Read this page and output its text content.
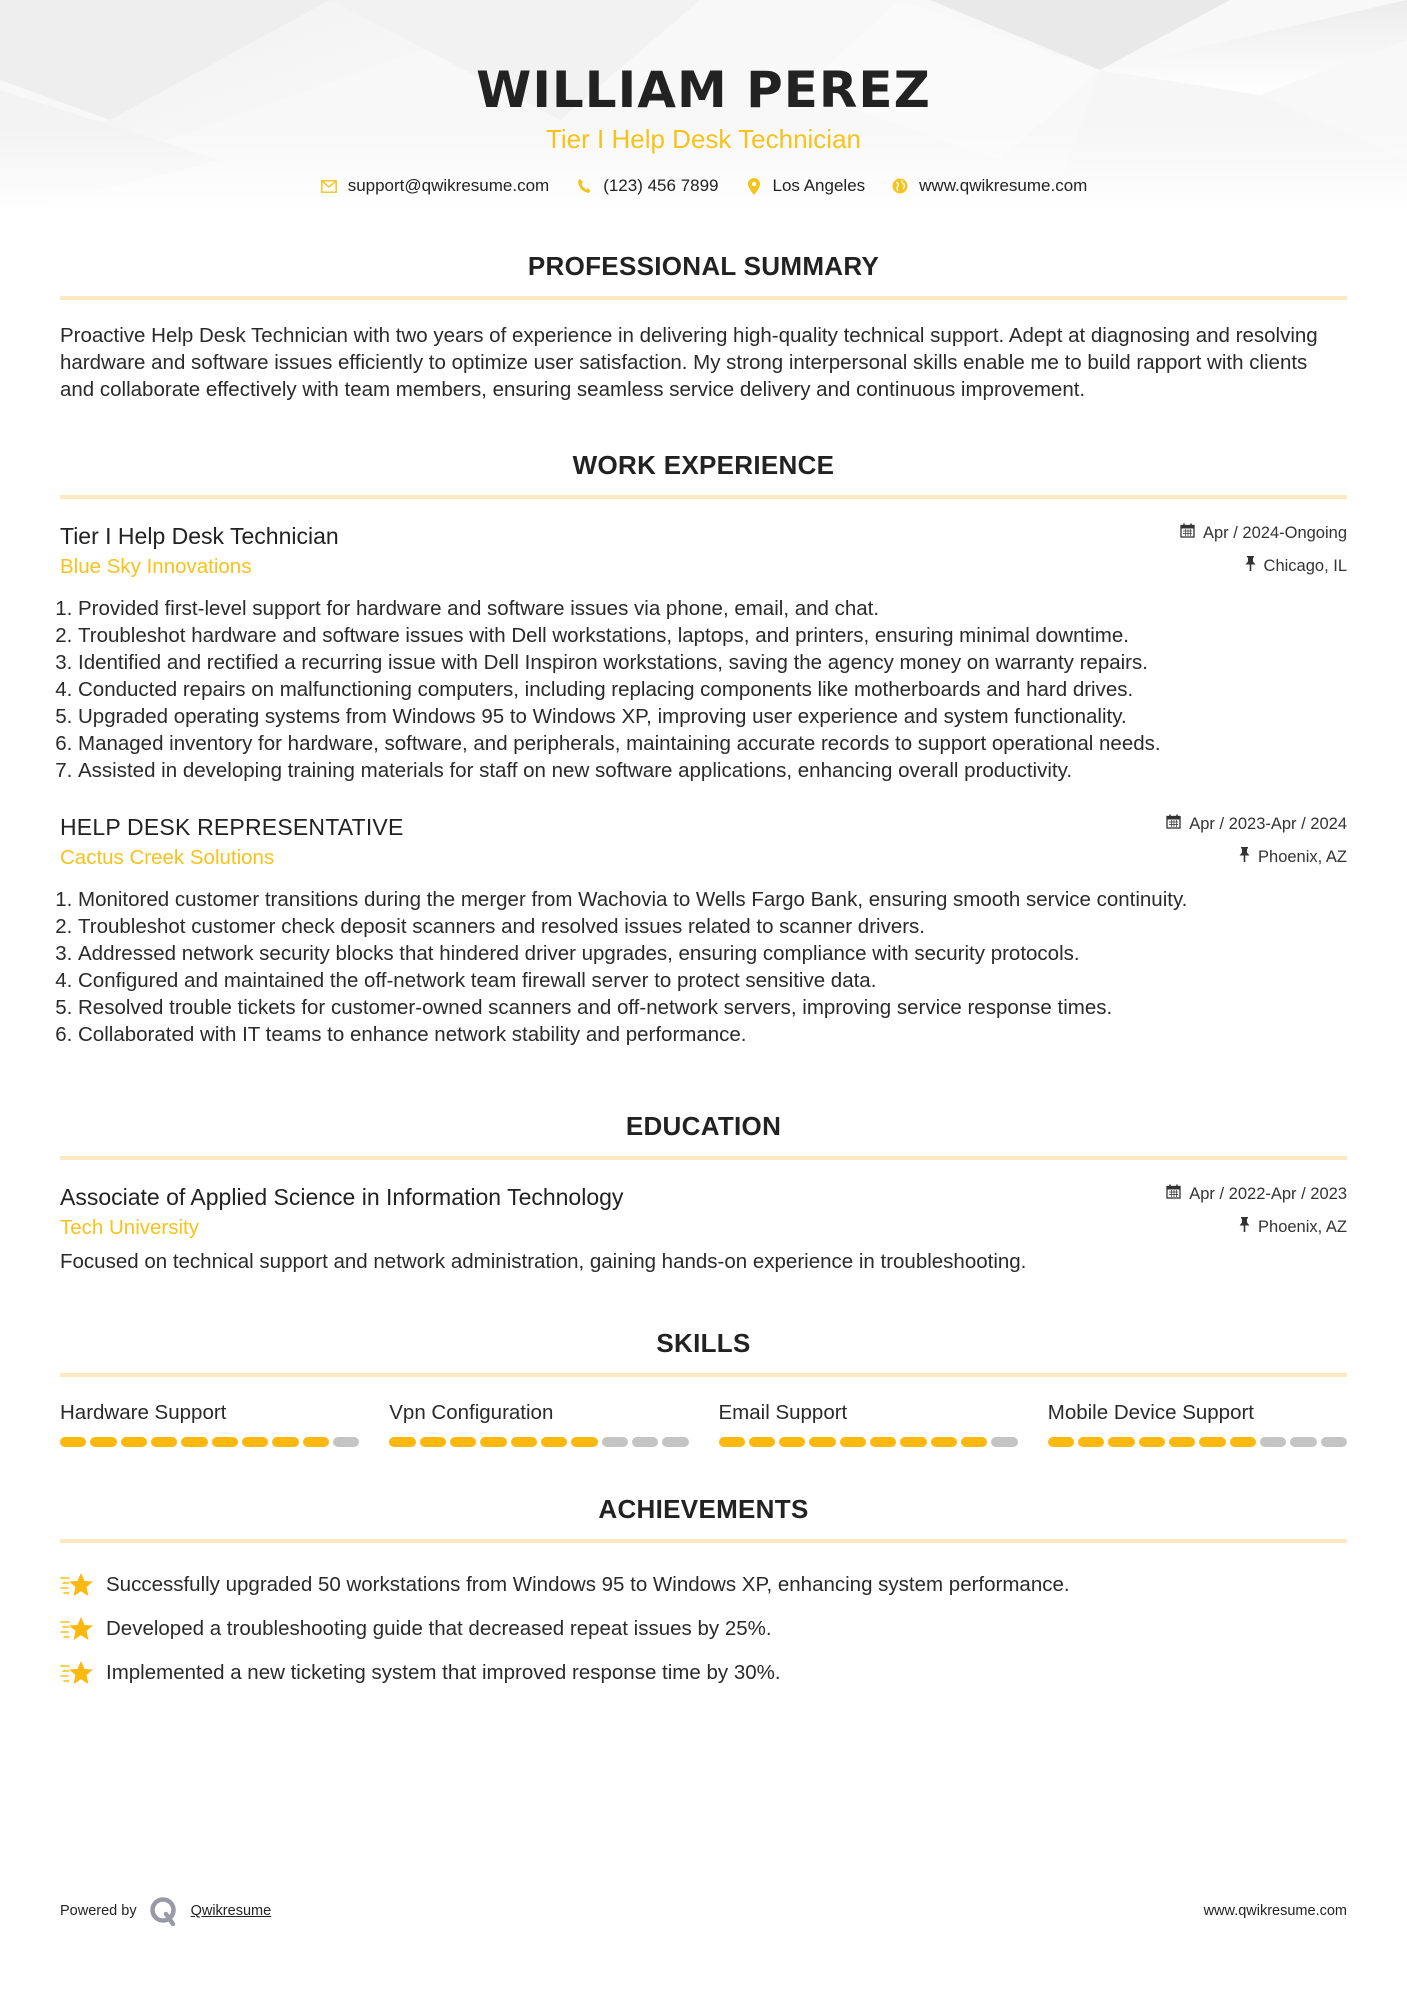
WILLIAM PEREZ
Tier I Help Desk Technician
support@qwikresume.com	(123) 456 7899	Los Angeles	www.qwikresume.com
PROFESSIONAL SUMMARY

Proactive Help Desk Technician with two years of experience in delivering high-quality technical support. Adept at diagnosing and resolving hardware and software issues efficiently to optimize user satisfaction. My strong interpersonal skills enable me to build rapport with clients and collaborate effectively with team members, ensuring seamless service delivery and continuous improvement.

WORK EXPERIENCE
Tier I Help Desk Technician	Apr / 2024-Ongoing
Blue Sky Innovations	Chicago, IL
1. Provided first-level support for hardware and software issues via phone, email, and chat.
2. Troubleshot hardware and software issues with Dell workstations, laptops, and printers, ensuring minimal downtime.
3. Identified and rectified a recurring issue with Dell Inspiron workstations, saving the agency money on warranty repairs.
4. Conducted repairs on malfunctioning computers, including replacing components like motherboards and hard drives.
5. Upgraded operating systems from Windows 95 to Windows XP, improving user experience and system functionality.
6. Managed inventory for hardware, software, and peripherals, maintaining accurate records to support operational needs.
7. Assisted in developing training materials for staff on new software applications, enhancing overall productivity.
HELP DESK REPRESENTATIVE	Apr / 2023-Apr / 2024
Cactus Creek Solutions	Phoenix, AZ
1. Monitored customer transitions during the merger from Wachovia to Wells Fargo Bank, ensuring smooth service continuity.
2. Troubleshot customer check deposit scanners and resolved issues related to scanner drivers.
3. Addressed network security blocks that hindered driver upgrades, ensuring compliance with security protocols.
4. Configured and maintained the off-network team firewall server to protect sensitive data.
5. Resolved trouble tickets for customer-owned scanners and off-network servers, improving service response times.
6. Collaborated with IT teams to enhance network stability and performance.
EDUCATION
Associate of Applied Science in Information Technology	Apr / 2022-Apr / 2023
Tech University	Phoenix, AZ

Focused on technical support and network administration, gaining hands-on experience in troubleshooting.

SKILLS
Hardware Support	Vpn Configuration	Email Support	Mobile Device Support
ACHIEVEMENTS
Successfully upgraded 50 workstations from Windows 95 to Windows XP, enhancing system performance.
Developed a troubleshooting guide that decreased repeat issues by 25%.
Implemented a new ticketing system that improved response time by 30%.
Powered by	Qwikresume	www.qwikresume.com
